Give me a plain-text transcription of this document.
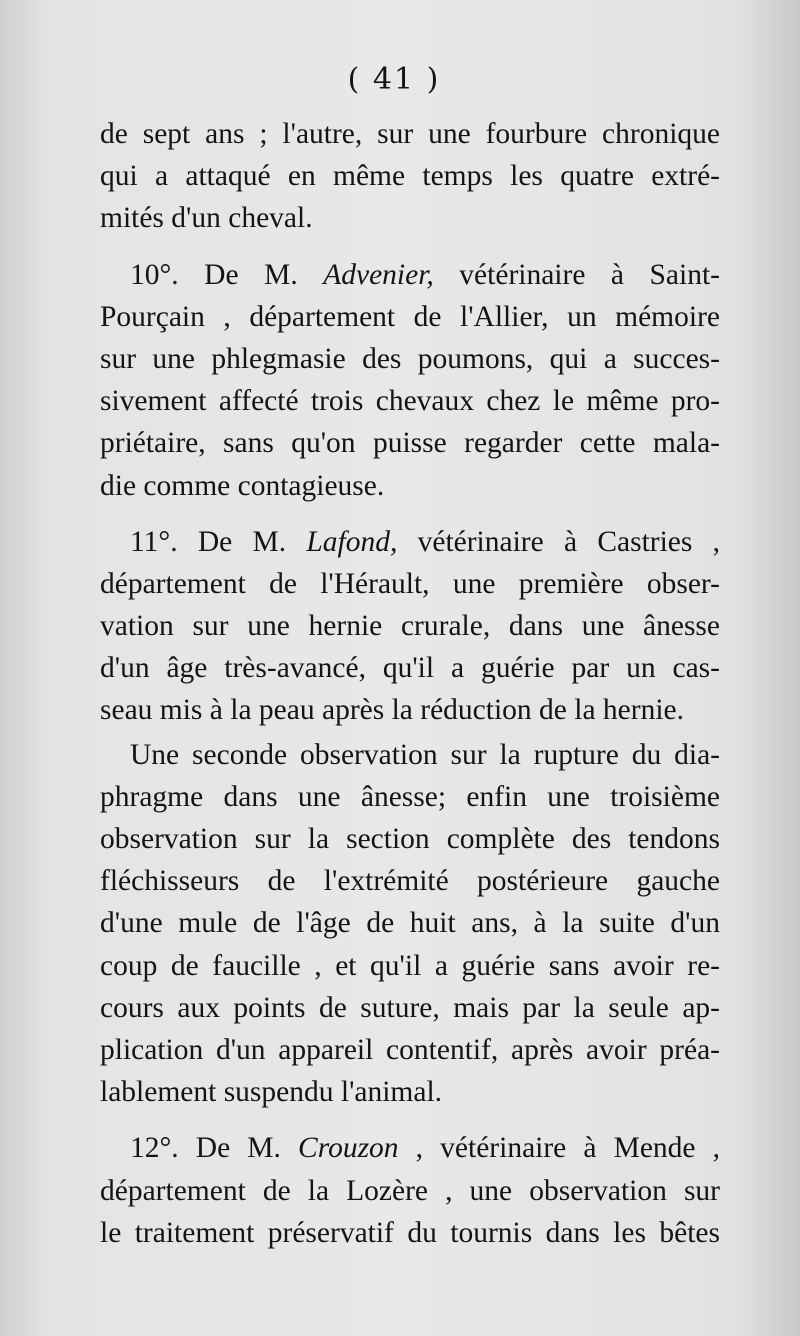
( 41 )
de sept ans ; l'autre, sur une fourbure chronique
qui a attaqué en même temps les quatre extré-
mités d'un cheval.
10°. De M. Advenier, vétérinaire à Saint-
Pourçain , département de l'Allier, un mémoire
sur une phlegmasie des poumons, qui a succes-
sivement affecté trois chevaux chez le même pro-
priétaire, sans qu'on puisse regarder cette mala-
die comme contagieuse.
11°. De M. Lafond, vétérinaire à Castries ,
département de l'Hérault, une première obser-
vation sur une hernie crurale, dans une ânesse
d'un âge très-avancé, qu'il a guérie par un cas-
seau mis à la peau après la réduction de la hernie.
Une seconde observation sur la rupture du dia-
phragme dans une ânesse; enfin une troisième
observation sur la section complète des tendons
fléchisseurs de l'extrémité postérieure gauche
d'une mule de l'âge de huit ans, à la suite d'un
coup de faucille , et qu'il a guérie sans avoir re-
cours aux points de suture, mais par la seule ap-
plication d'un appareil contentif, après avoir préa-
lablement suspendu l'animal.
12°. De M. Crouzon , vétérinaire à Mende ,
département de la Lozère , une observation sur
le traitement préservatif du tournis dans les bêtes
